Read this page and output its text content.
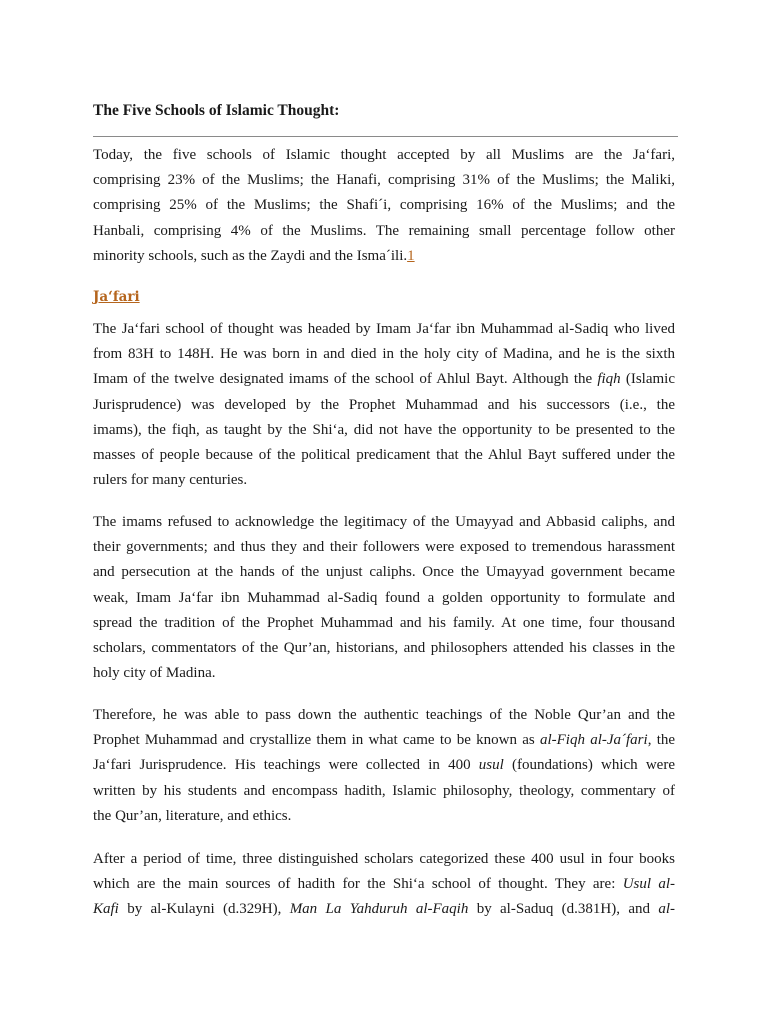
The Five Schools of Islamic Thought:

Today, the five schools of Islamic thought accepted by all Muslims are the Ja‘fari,
comprising 23% of the Muslims; the Hanafi, comprising 31% of the Muslims; the Maliki,
comprising 25% of the Muslims; the Shafi´i, comprising 16% of the Muslims; and the
Hanbali, comprising 4% of the Muslims. The remaining small percentage follow other
minority schools, such as the Zaydi and the Isma´ili.1

Ja‘fari

The Ja‘fari school of thought was headed by Imam Ja‘far ibn Muhammad al-Sadiq who lived
from 83H to 148H. He was born in and died in the holy city of Madina, and he is the sixth
Imam of the twelve designated imams of the school of Ahlul Bayt. Although the fiqh (Islamic
Jurisprudence) was developed by the Prophet Muhammad and his successors (i.e., the
imams), the fiqh, as taught by the Shi‘a, did not have the opportunity to be presented to the
masses of people because of the political predicament that the Ahlul Bayt suffered under the
rulers for many centuries.

The imams refused to acknowledge the legitimacy of the Umayyad and Abbasid caliphs, and
their governments; and thus they and their followers were exposed to tremendous harassment
and persecution at the hands of the unjust caliphs. Once the Umayyad government became
weak, Imam Ja‘far ibn Muhammad al-Sadiq found a golden opportunity to formulate and
spread the tradition of the Prophet Muhammad and his family. At one time, four thousand
scholars, commentators of the Qur’an, historians, and philosophers attended his classes in the
holy city of Madina.

Therefore, he was able to pass down the authentic teachings of the Noble Qur’an and the
Prophet Muhammad and crystallize them in what came to be known as al-Fiqh al-Ja´fari, the
Ja‘fari Jurisprudence. His teachings were collected in 400 usul (foundations) which were
written by his students and encompass hadith, Islamic philosophy, theology, commentary of
the Qur’an, literature, and ethics.

After a period of time, three distinguished scholars categorized these 400 usul in four books
which are the main sources of hadith for the Shi‘a school of thought. They are: Usul al-
Kafi by al-Kulayni (d.329H), Man La Yahduruh al-Faqih by al-Saduq (d.381H), and al-
